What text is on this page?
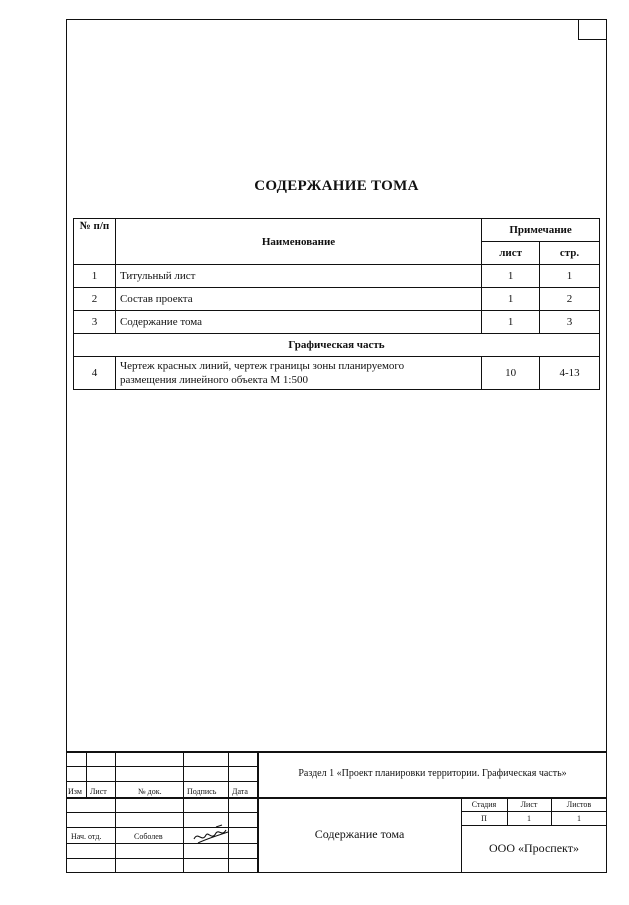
СОДЕРЖАНИЕ ТОМА
№ п/п	Наименование	Примечание	
		лист	стр.
1	Титульный лист	1	1
2	Состав проекта	1	2
3	Содержание тома	1	3
Графическая часть			
4	Чертеж красных линий, чертеж границы зоны планируемого
размещения линейного объекта М 1:500	10	4-13
Изм Лист	№ док.	Подпись Дата
Нач. отд.	Соболев
Раздел 1 «Проект планировки территории. Графическая часть»
Содержание тома
Стадия	Лист	Листов
П	1	1
ООО «Проспект»
